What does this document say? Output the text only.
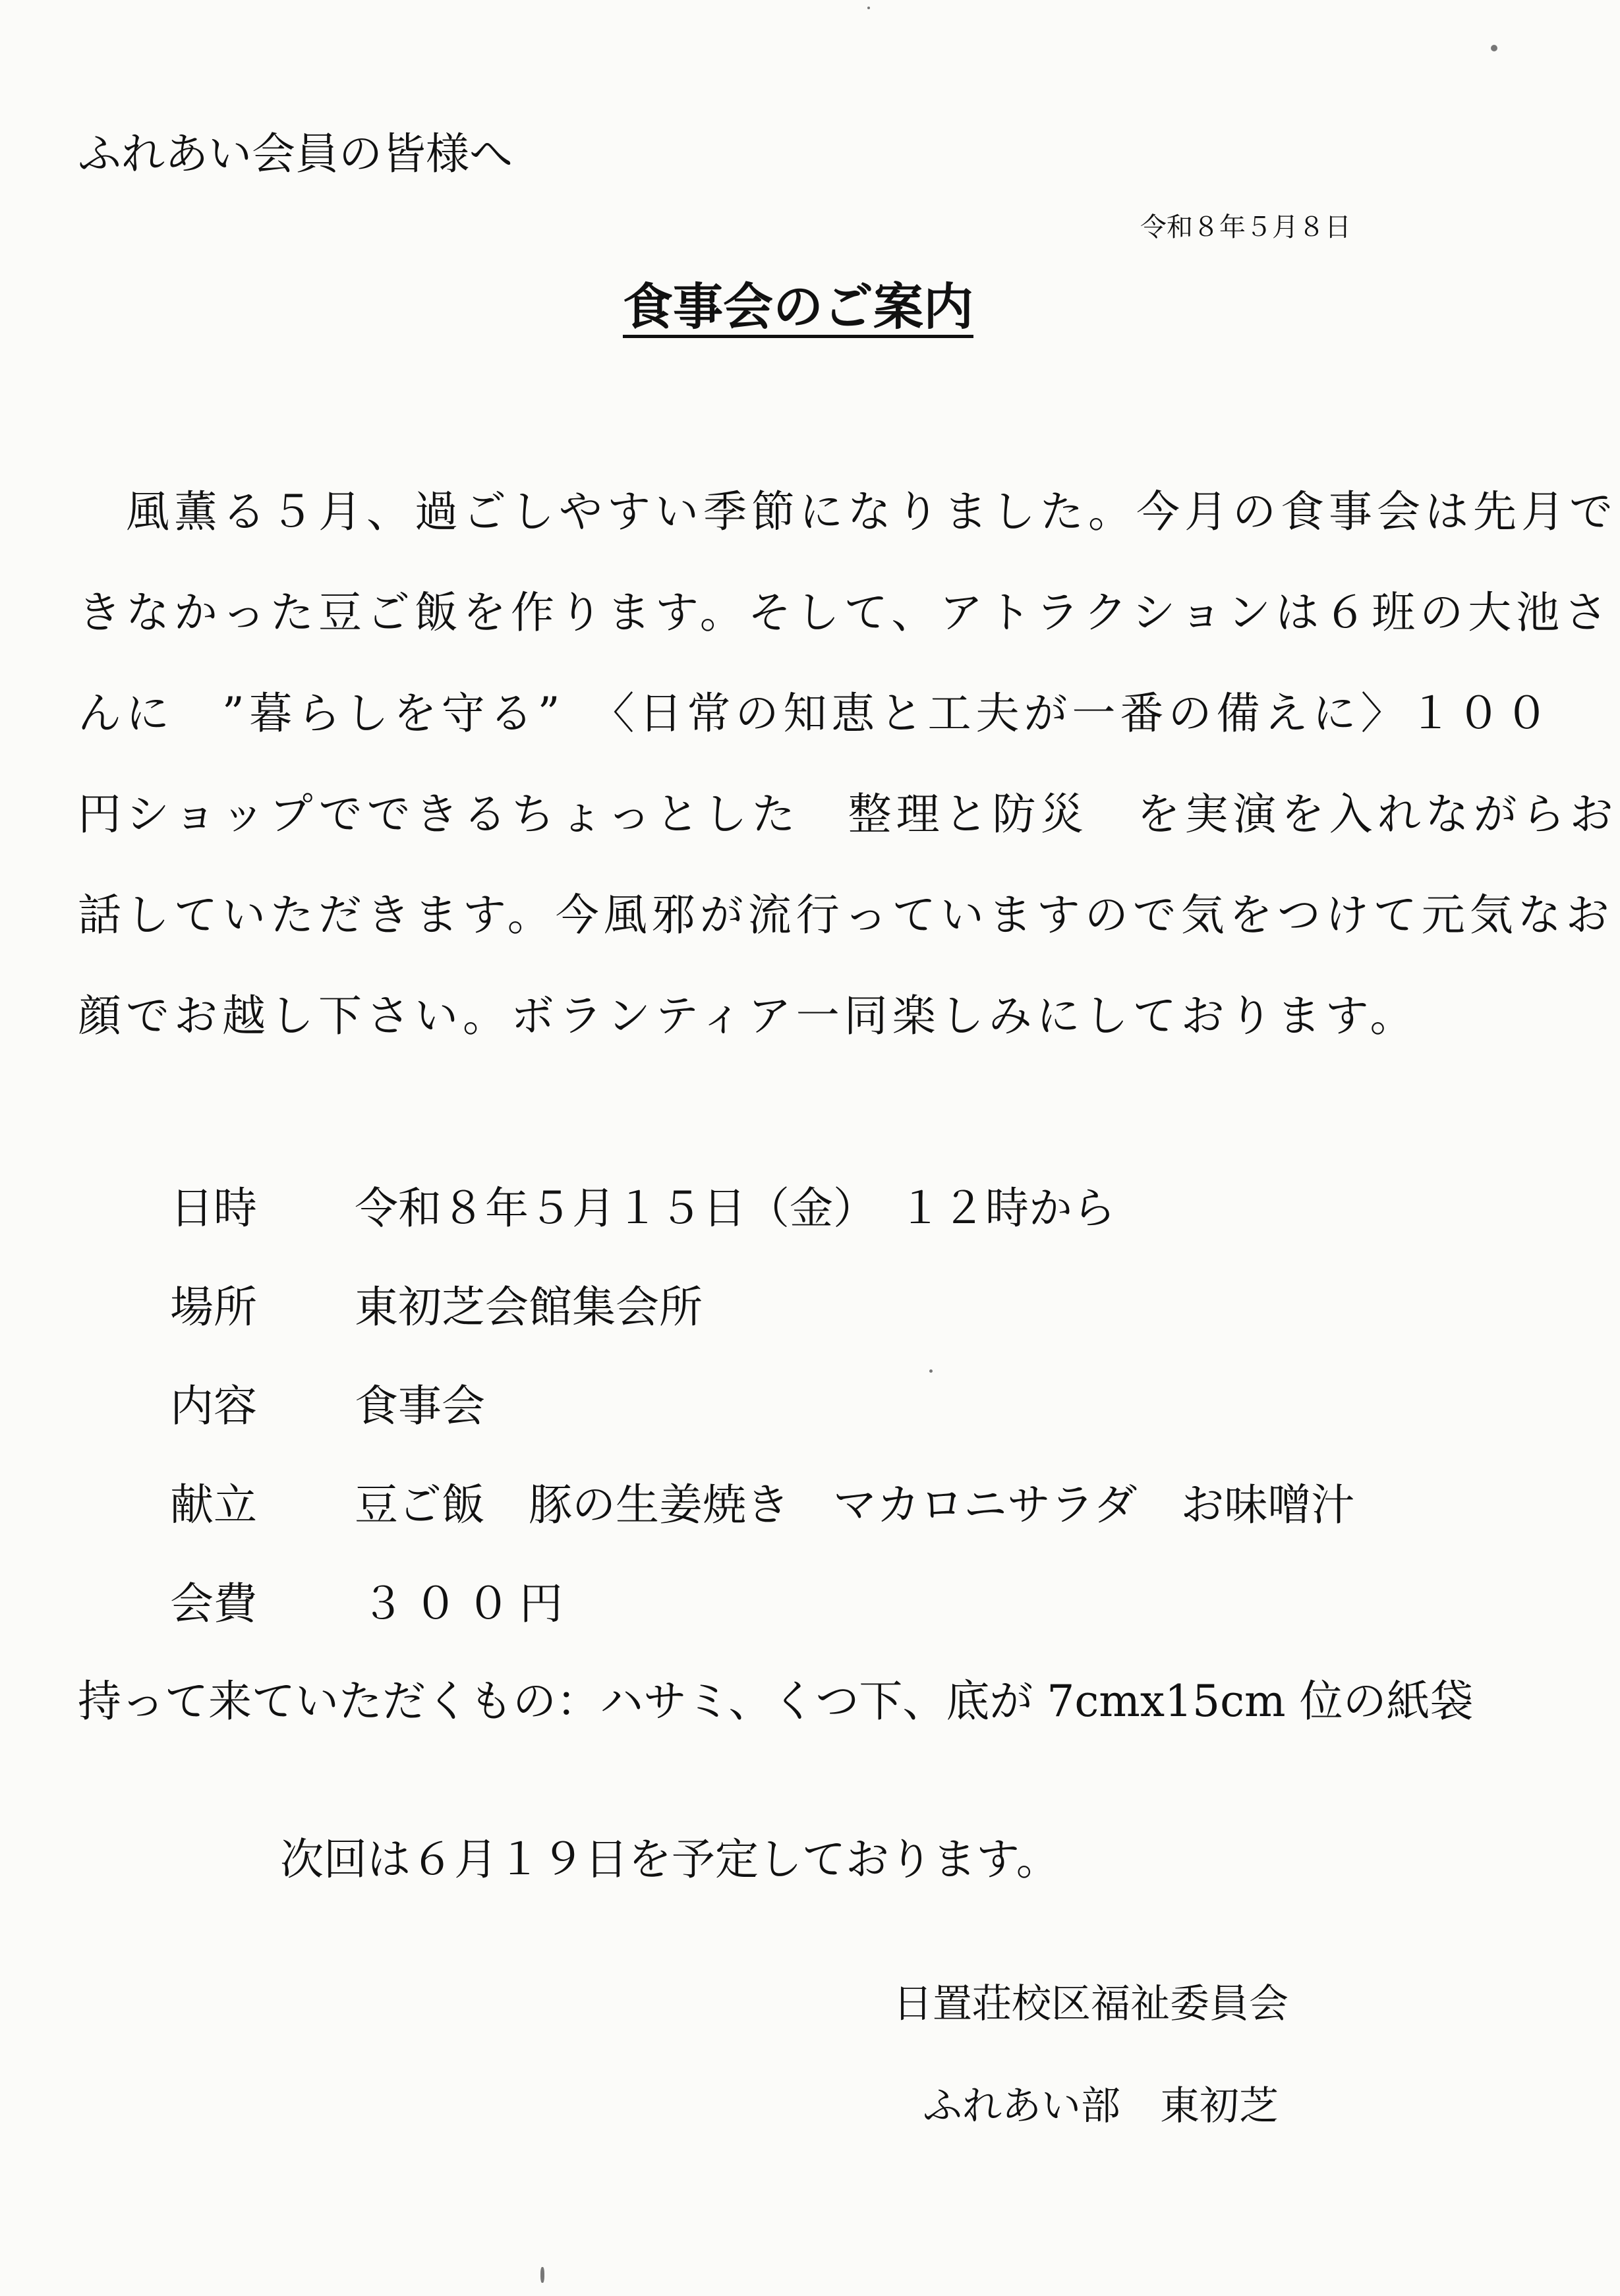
ふれあい会員の皆様へ
令和８年５月８日
食事会のご案内
　風薫る５月、過ごしやすい季節になりました。今月の食事会は先月で
きなかった豆ご飯を作ります。そして、アトラクションは６班の大池さ
んに　”暮らしを守る”　〈日常の知恵と工夫が一番の備えに〉１００
円ショップでできるちょっとした　整理と防災　を実演を入れながらお
話していただきます。今風邪が流行っていますので気をつけて元気なお
顔でお越し下さい。ボランティア一同楽しみにしております。
日時 令和８年５月１５日（金）　１２時から
場所 東初芝会館集会所
内容 食事会
献立 豆ご飯　豚の生姜焼き　マカロニサラダ　お味噌汁
会費 ３００円
持って来ていただくもの：ハサミ、くつ下、底が 7cmx15cm 位の紙袋
次回は６月１９日を予定しております。
日置荘校区福祉委員会
ふれあい部　東初芝
